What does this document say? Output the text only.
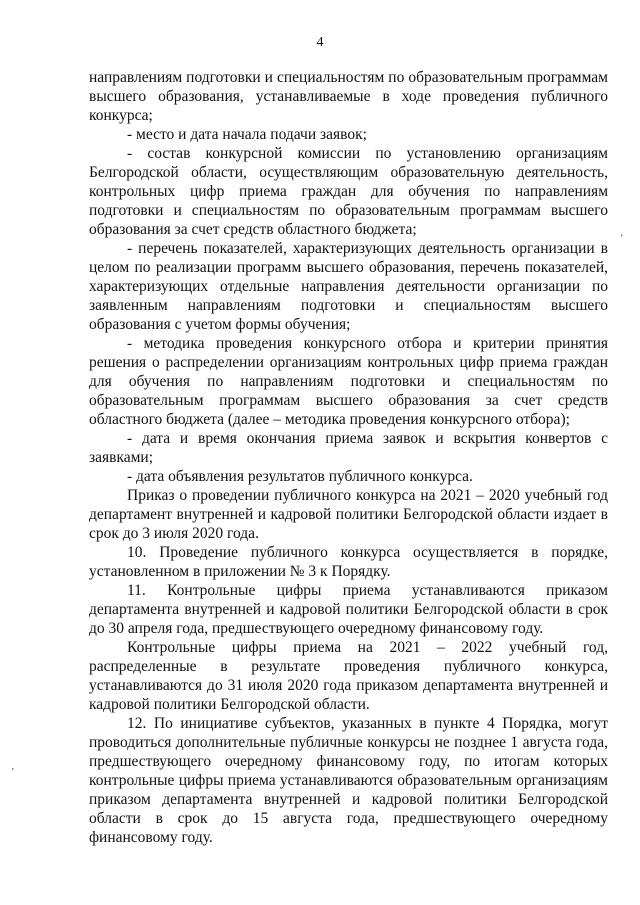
4

направлениям подготовки и специальностям по образовательным программам высшего образования, устанавливаемые в ходе проведения публичного конкурса;

- место и дата начала подачи заявок;

- состав конкурсной комиссии по установлению организациям Белгородской области, осуществляющим образовательную деятельность, контрольных цифр приема граждан для обучения по направлениям подготовки и специальностям по образовательным программам высшего образования за счет средств областного бюджета;

- перечень показателей, характеризующих деятельность организации в целом по реализации программ высшего образования, перечень показателей, характеризующих отдельные направления деятельности организации по заявленным направлениям подготовки и специальностям высшего образования с учетом формы обучения;

- методика проведения конкурсного отбора и критерии принятия решения о распределении организациям контрольных цифр приема граждан для обучения по направлениям подготовки и специальностям по образовательным программам высшего образования за счет средств областного бюджета (далее – методика проведения конкурсного отбора);

- дата и время окончания приема заявок и вскрытия конвертов с заявками;

- дата объявления результатов публичного конкурса.

Приказ о проведении публичного конкурса на 2021 – 2020 учебный год департамент внутренней и кадровой политики Белгородской области издает в срок до 3 июля 2020 года.

10. Проведение публичного конкурса осуществляется в порядке, установленном в приложении № 3 к Порядку.

11. Контрольные цифры приема устанавливаются приказом департамента внутренней и кадровой политики Белгородской области в срок до 30 апреля года, предшествующего очередному финансовому году.

Контрольные цифры приема на 2021 – 2022 учебный год, распределенные в результате проведения публичного конкурса, устанавливаются до 31 июля 2020 года приказом департамента внутренней и кадровой политики Белгородской области.

12. По инициативе субъектов, указанных в пункте 4 Порядка, могут проводиться дополнительные публичные конкурсы не позднее 1 августа года, предшествующего очередному финансовому году, по итогам которых контрольные цифры приема устанавливаются образовательным организациям приказом департамента внутренней и кадровой политики Белгородской области в срок до 15 августа года, предшествующего очередному финансовому году.

‘
’
